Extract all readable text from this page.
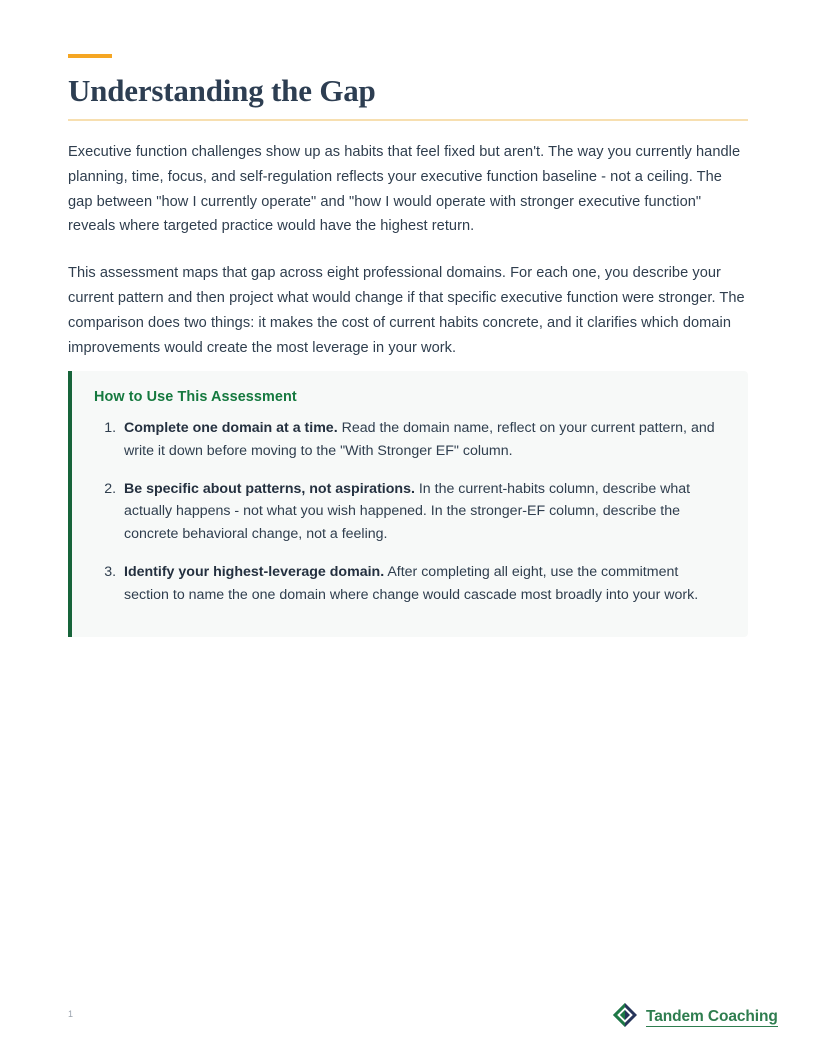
Understanding the Gap

Executive function challenges show up as habits that feel fixed but aren't. The way you currently handle planning, time, focus, and self-regulation reflects your executive function baseline - not a ceiling. The gap between "how I currently operate" and "how I would operate with stronger executive function" reveals where targeted practice would have the highest return.

This assessment maps that gap across eight professional domains. For each one, you describe your current pattern and then project what would change if that specific executive function were stronger. The comparison does two things: it makes the cost of current habits concrete, and it clarifies which domain improvements would create the most leverage in your work.

How to Use This Assessment
1. Complete one domain at a time. Read the domain name, reflect on your current pattern, and write it down before moving to the "With Stronger EF" column.
2. Be specific about patterns, not aspirations. In the current-habits column, describe what actually happens - not what you wish happened. In the stronger-EF column, describe the concrete behavioral change, not a feeling.
3. Identify your highest-leverage domain. After completing all eight, use the commitment section to name the one domain where change would cascade most broadly into your work.
1	Tandem Coaching
